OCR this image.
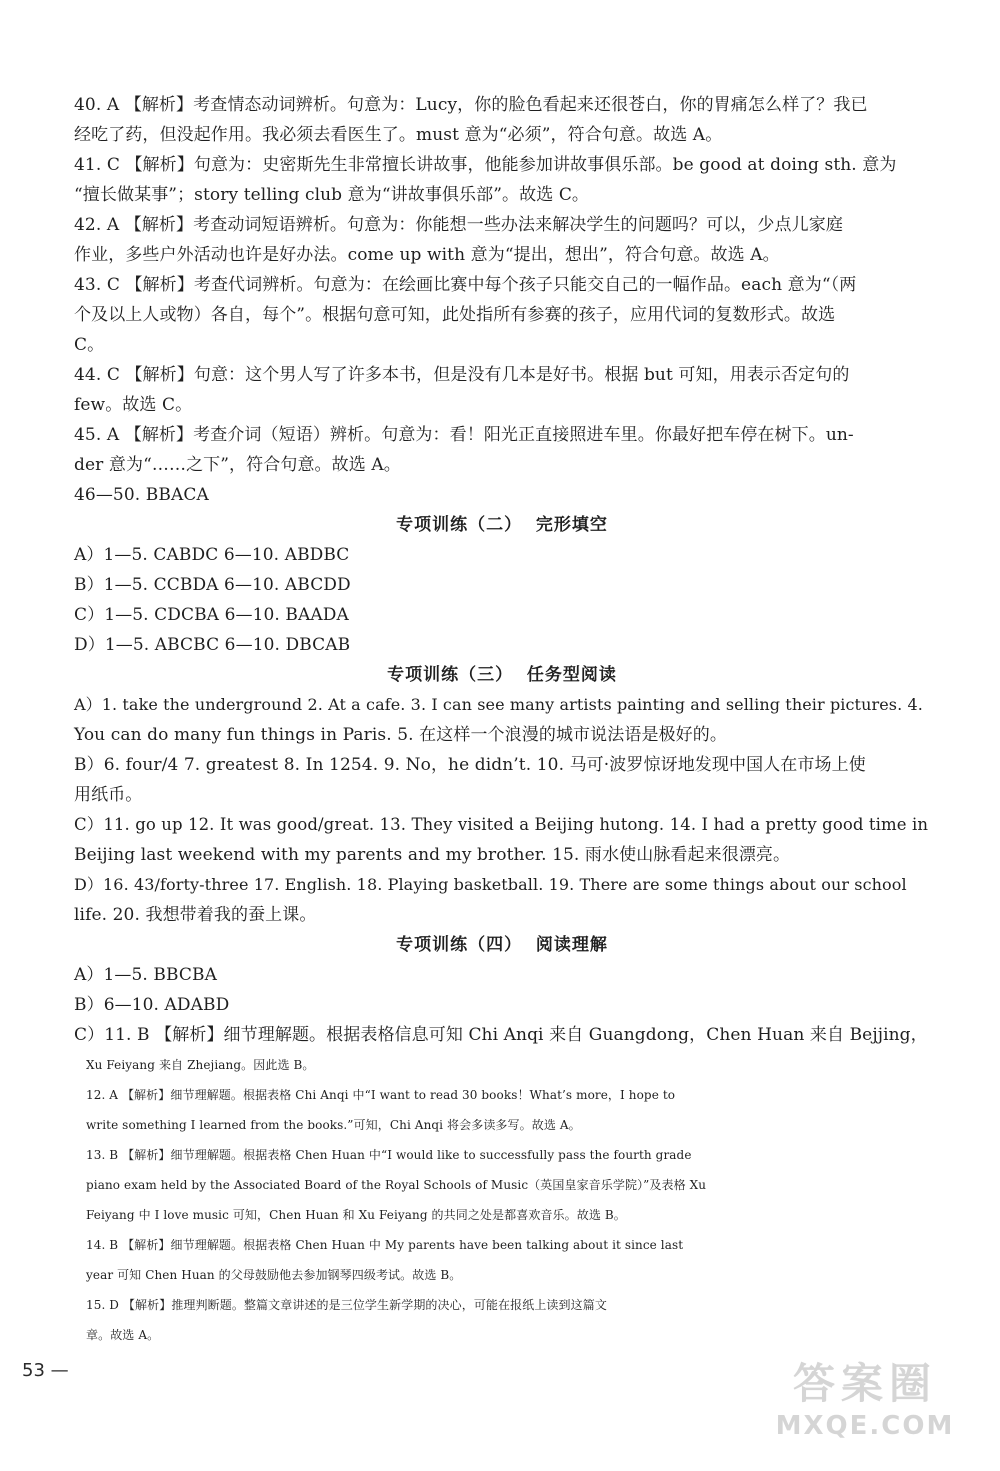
40. A 【解析】考查情态动词辨析。句意为：Lucy，你的脸色看起来还很苍白，你的胃痛怎么样了？我已
经吃了药，但没起作用。我必须去看医生了。must 意为“必须”，符合句意。故选 A。
41. C 【解析】句意为：史密斯先生非常擅长讲故事，他能参加讲故事俱乐部。be good at doing sth. 意为
“擅长做某事”；story telling club 意为“讲故事俱乐部”。故选 C。
42. A 【解析】考查动词短语辨析。句意为：你能想一些办法来解决学生的问题吗？可以，少点儿家庭
作业，多些户外活动也许是好办法。come up with 意为“提出，想出”，符合句意。故选 A。
43. C 【解析】考查代词辨析。句意为：在绘画比赛中每个孩子只能交自己的一幅作品。each 意为“（两
个及以上人或物）各自，每个”。根据句意可知，此处指所有参赛的孩子，应用代词的复数形式。故选
C。
44. C 【解析】句意：这个男人写了许多本书，但是没有几本是好书。根据 but 可知，用表示否定句的
few。故选 C。
45. A 【解析】考查介词（短语）辨析。句意为：看！阳光正直接照进车里。你最好把车停在树下。un-
der 意为“……之下”，符合句意。故选 A。
46—50. BBACA
专项训练（二）  完形填空
A）1—5. CABDC 6—10. ABDBC
B）1—5. CCBDA 6—10. ABCDD
C）1—5. CDCBA 6—10. BAADA
D）1—5. ABCBC 6—10. DBCAB
专项训练（三）  任务型阅读
A）1. take the underground 2. At a cafe. 3. I can see many artists painting and selling their pictures. 4.
You can do many fun things in Paris. 5. 在这样一个浪漫的城市说法语是极好的。
B）6. four/4 7. greatest 8. In 1254. 9. No，he didn’t. 10. 马可·波罗惊讶地发现中国人在市场上使
用纸币。
C）11. go up 12. It was good/great. 13. They visited a Beijing hutong. 14. I had a pretty good time in
Beijing last weekend with my parents and my brother. 15. 雨水使山脉看起来很漂亮。
D）16. 43/forty-three 17. English. 18. Playing basketball. 19. There are some things about our school
life. 20. 我想带着我的蚕上课。
专项训练（四）  阅读理解
A）1—5. BBCBA
B）6—10. ADABD
C）11. B 【解析】细节理解题。根据表格信息可知 Chi Anqi 来自 Guangdong，Chen Huan 来自 Bejjing，
Xu Feiyang 来自 Zhejiang。因此选 B。
12. A 【解析】细节理解题。根据表格 Chi Anqi 中“I want to read 30 books！What’s more，I hope to
write something I learned from the books.”可知，Chi Anqi 将会多读多写。故选 A。
13. B 【解析】细节理解题。根据表格 Chen Huan 中“I would like to successfully pass the fourth grade
piano exam held by the Associated Board of the Royal Schools of Music（英国皇家音乐学院）”及表格 Xu
Feiyang 中 I love music 可知，Chen Huan 和 Xu Feiyang 的共同之处是都喜欢音乐。故选 B。
14. B 【解析】细节理解题。根据表格 Chen Huan 中 My parents have been talking about it since last
year 可知 Chen Huan 的父母鼓励他去参加钢琴四级考试。故选 B。
15. D 【解析】推理判断题。整篇文章讲述的是三位学生新学期的决心，可能在报纸上读到这篇文
章。故选 A。
53 —	答案圈
MXQE.COM
